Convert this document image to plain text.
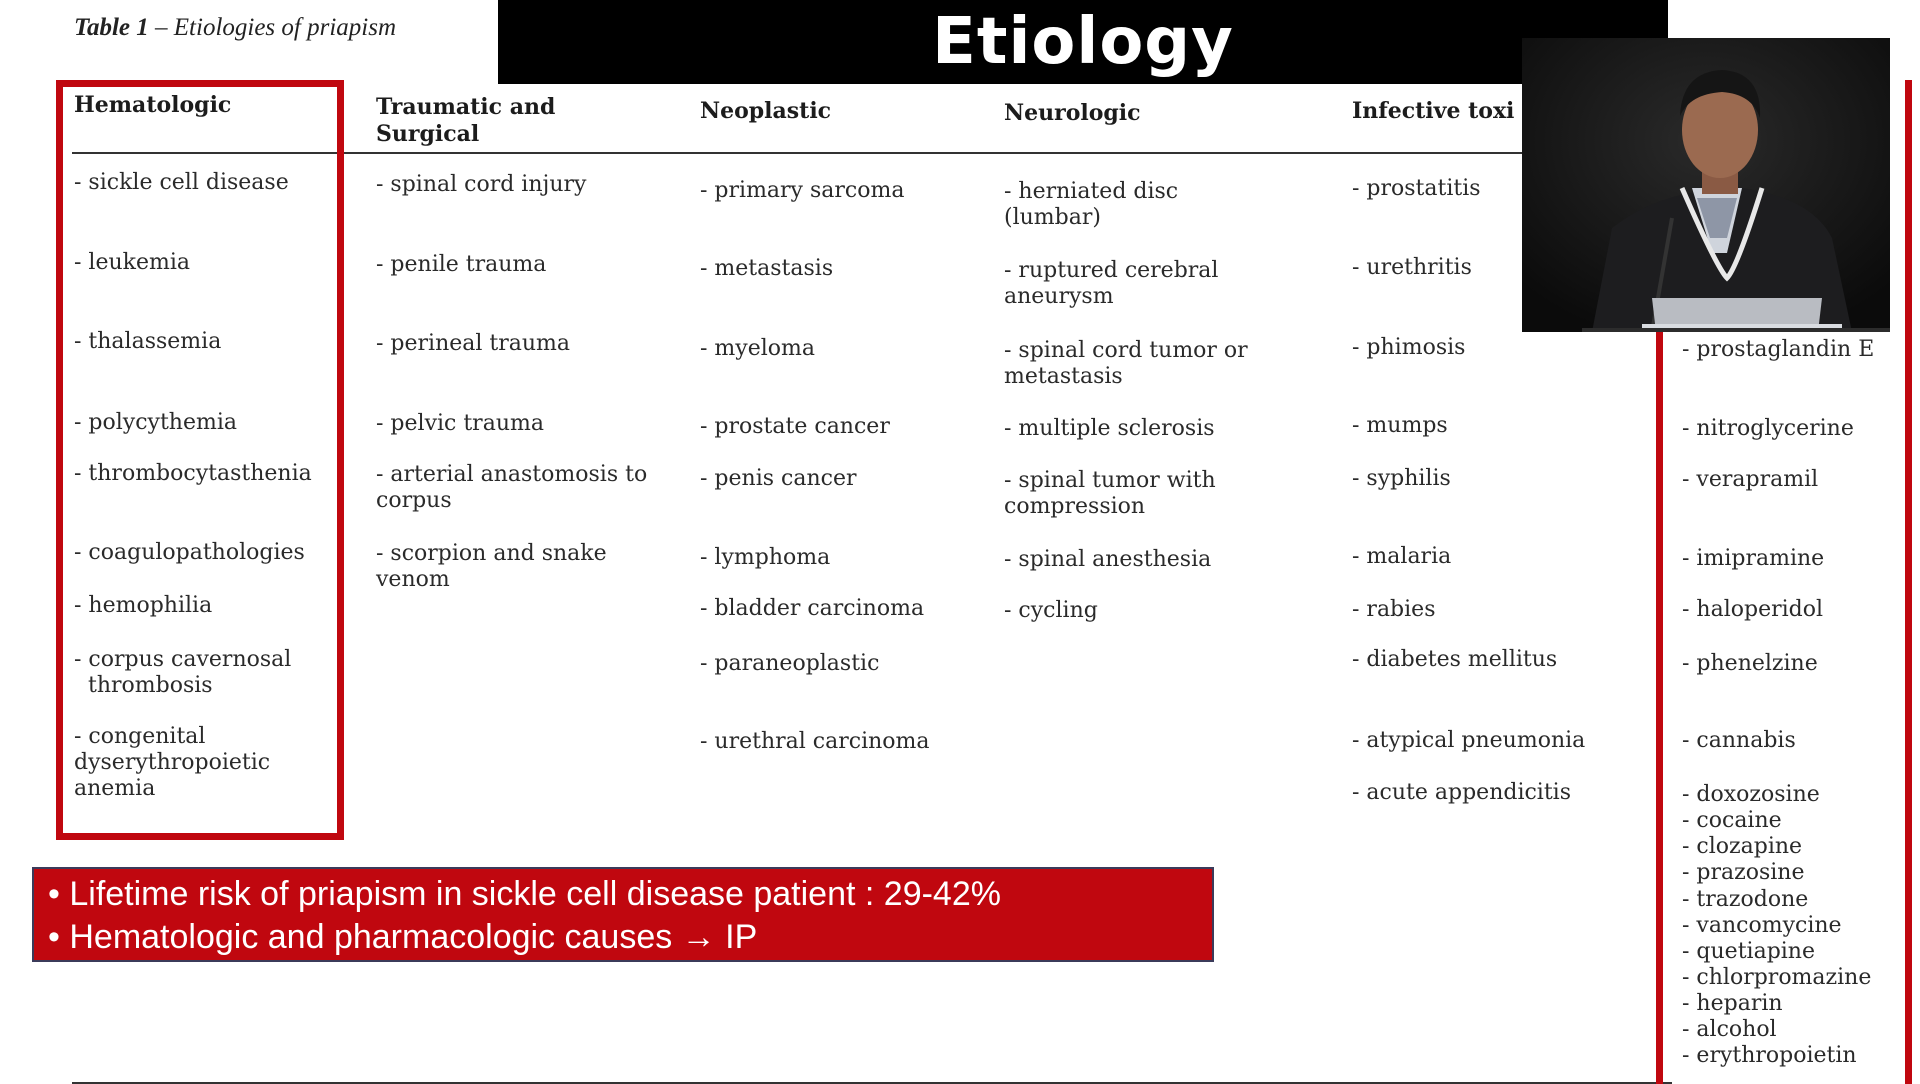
Table 1 – Etiologies of priapism	Etiology
Hematologic
- sickle cell disease
- leukemia
- thalassemia
- polycythemia
- thrombocytasthenia
- coagulopathologies
- hemophilia
- corpus cavernosal
thrombosis
- congenital
dyserythropoietic
anemia
Traumatic and
Surgical
- spinal cord injury
- penile trauma
- perineal trauma
- pelvic trauma
- arterial anastomosis to
corpus
- scorpion and snake
venom
Neoplastic
- primary sarcoma
- metastasis
- myeloma
- prostate cancer
- penis cancer
- lymphoma
- bladder carcinoma
- paraneoplastic
- urethral carcinoma
Neurologic
- herniated disc
(lumbar)
- ruptured cerebral
aneurysm
- spinal cord tumor or
metastasis
- multiple sclerosis
- spinal tumor with
compression
- spinal anesthesia
- cycling
Infective toxi
- prostatitis
- urethritis
- phimosis
- mumps
- syphilis
- malaria
- rabies
- diabetes mellitus
- atypical pneumonia
- acute appendicitis
- prostaglandin E
- nitroglycerine
- verapramil
- imipramine
- haloperidol
- phenelzine
- cannabis
- doxozosine
- cocaine
- clozapine
- prazosine
- trazodone
- vancomycine
- quetiapine
- chlorpromazine
- heparin
- alcohol
- erythropoietin
• Lifetime risk of priapism in sickle cell disease patient : 29-42%
• Hematologic and pharmacologic causes → IP
